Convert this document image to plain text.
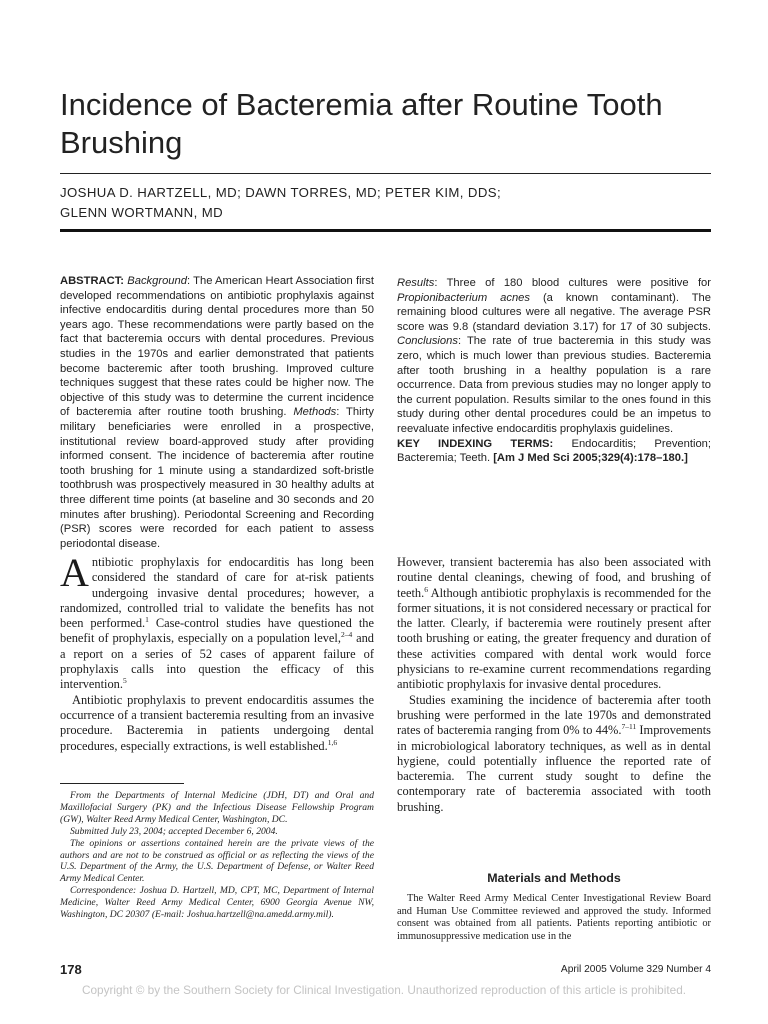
Incidence of Bacteremia after Routine Tooth Brushing
JOSHUA D. HARTZELL, MD; DAWN TORRES, MD; PETER KIM, DDS;
GLENN WORTMANN, MD
ABSTRACT: Background: The American Heart Association first developed recommendations on antibiotic prophylaxis against infective endocarditis during dental procedures more than 50 years ago. These recommendations were partly based on the fact that bacteremia occurs with dental procedures. Previous studies in the 1970s and earlier demonstrated that patients become bacteremic after tooth brushing. Improved culture techniques suggest that these rates could be higher now. The objective of this study was to determine the current incidence of bacteremia after routine tooth brushing. Methods: Thirty military beneficiaries were enrolled in a prospective, institutional review board-approved study after providing informed consent. The incidence of bacteremia after routine tooth brushing for 1 minute using a standardized soft-bristle toothbrush was prospectively measured in 30 healthy adults at three different time points (at baseline and 30 seconds and 20 minutes after brushing). Periodontal Screening and Recording (PSR) scores were recorded for each patient to assess periodontal disease.
Results: Three of 180 blood cultures were positive for Propionibacterium acnes (a known contaminant). The remaining blood cultures were all negative. The average PSR score was 9.8 (standard deviation 3.17) for 17 of 30 subjects. Conclusions: The rate of true bacteremia in this study was zero, which is much lower than previous studies. Bacteremia after tooth brushing in a healthy population is a rare occurrence. Data from previous studies may no longer apply to the current population. Results similar to the ones found in this study during other dental procedures could be an impetus to reevaluate infective endocarditis prophylaxis guidelines.
KEY INDEXING TERMS: Endocarditis; Prevention; Bacteremia; Teeth. [Am J Med Sci 2005;329(4):178–180.]

Antibiotic prophylaxis for endocarditis has long been considered the standard of care for at-risk patients undergoing invasive dental procedures; however, a randomized, controlled trial to validate the benefits has not been performed.$^1$ Case-control studies have questioned the benefit of prophylaxis, especially on a population level,$^{2-4}$ and a report on a series of 52 cases of apparent failure of prophylaxis calls into question the efficacy of this intervention.$^5$

Antibiotic prophylaxis to prevent endocarditis assumes the occurrence of a transient bacteremia resulting from an invasive procedure. Bacteremia in patients undergoing dental procedures, especially extractions, is well established.$^{1,6}$

From the Departments of Internal Medicine (JDH, DT) and Oral and Maxillofacial Surgery (PK) and the Infectious Disease Fellowship Program (GW), Walter Reed Army Medical Center, Washington, DC.

Submitted July 23, 2004; accepted December 6, 2004.

The opinions or assertions contained herein are the private views of the authors and are not to be construed as official or as reflecting the views of the U.S. Department of the Army, the U.S. Department of Defense, or Walter Reed Army Medical Center.

Correspondence: Joshua D. Hartzell, MD, CPT, MC, Department of Internal Medicine, Walter Reed Army Medical Center, 6900 Georgia Avenue NW, Washington, DC 20307 (E-mail: Joshua.hartzell@na.amedd.army.mil).

However, transient bacteremia has also been associated with routine dental cleanings, chewing of food, and brushing of teeth.$^6$ Although antibiotic prophylaxis is recommended for the former situations, it is not considered necessary or practical for the latter. Clearly, if bacteremia were routinely present after tooth brushing or eating, the greater frequency and duration of these activities compared with dental work would force physicians to re-examine current recommendations regarding antibiotic prophylaxis for invasive dental procedures.

Studies examining the incidence of bacteremia after tooth brushing were performed in the late 1970s and demonstrated rates of bacteremia ranging from 0% to 44%.$^{7-11}$ Improvements in microbiological laboratory techniques, as well as in dental hygiene, could potentially influence the reported rate of bacteremia. The current study sought to define the contemporary rate of bacteremia associated with tooth brushing.

Materials and Methods

The Walter Reed Army Medical Center Investigational Review Board and Human Use Committee reviewed and approved the study. Informed consent was obtained from all patients. Patients reporting antibiotic or immunosuppressive medication use in the

178	April 2005 Volume 329 Number 4
Copyright © by the Southern Society for Clinical Investigation. Unauthorized reproduction of this article is prohibited.
